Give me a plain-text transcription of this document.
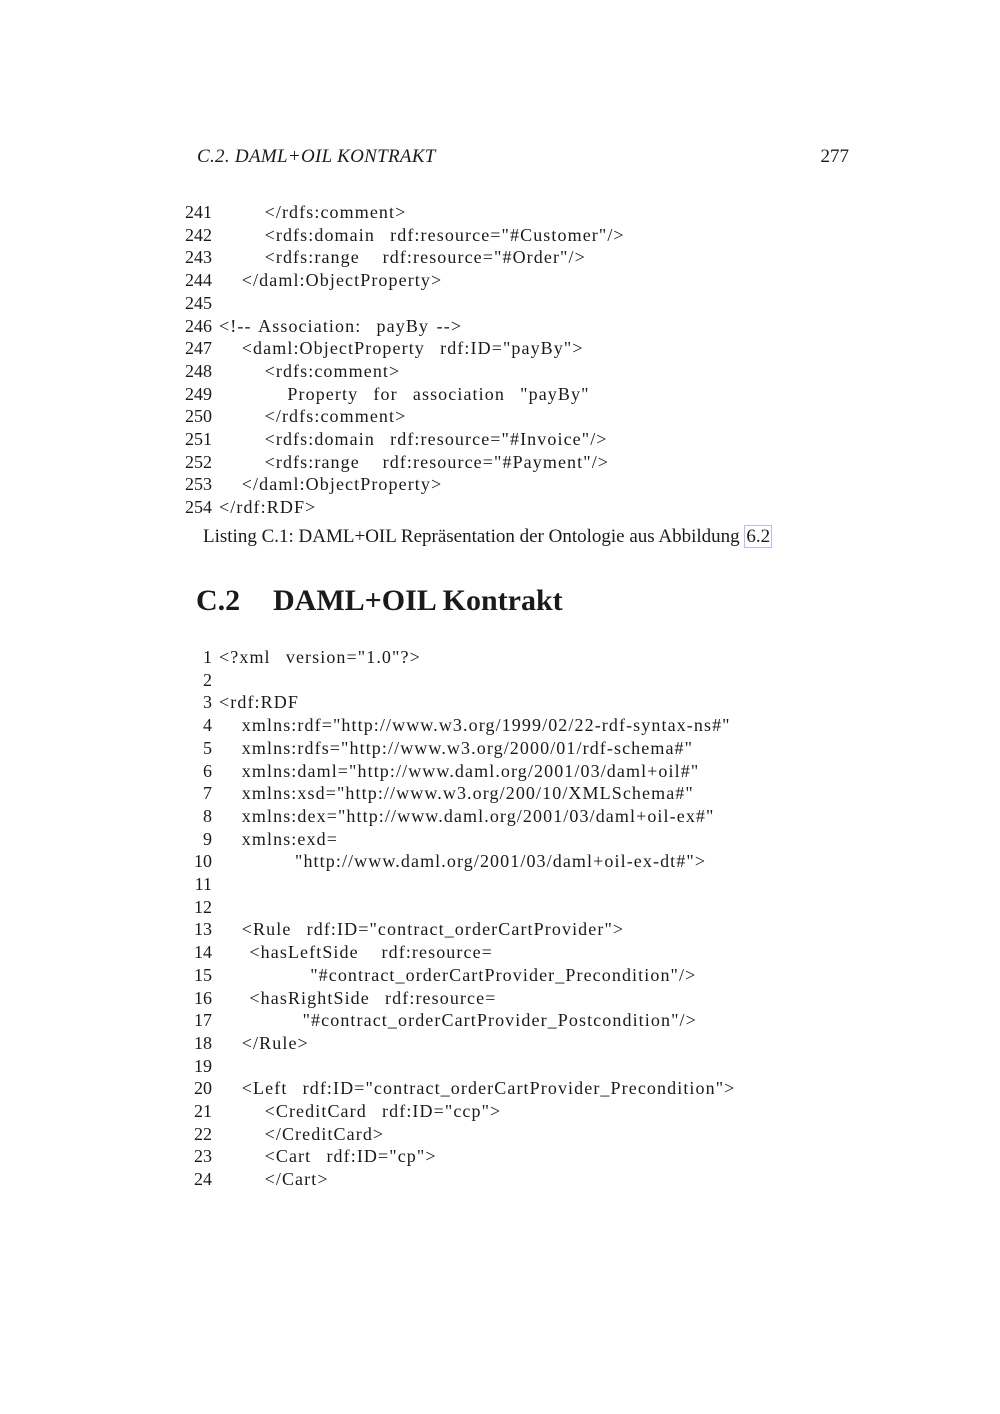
C.2. DAML+OIL KONTRAKT	277
241 </rdfs:comment>
242 <rdfs:domain  rdf:resource="#Customer"/>
243 <rdfs:range   rdf:resource="#Order"/>
244 </daml:ObjectProperty>
245
246 <!-- Association:  payBy -->
247 <daml:ObjectProperty  rdf:ID="payBy">
248 <rdfs:comment>
249 Property  for  association  "payBy"
250 </rdfs:comment>
251 <rdfs:domain  rdf:resource="#Invoice"/>
252 <rdfs:range   rdf:resource="#Payment"/>
253 </daml:ObjectProperty>
254 </rdf:RDF>
Listing C.1: DAML+OIL Repräsentation der Ontologie aus Abbildung 6.2
C.2 DAML+OIL Kontrakt
1 <?xml  version="1.0"?>
2
3 <rdf:RDF
4 xmlns:rdf="http://www.w3.org/1999/02/22-rdf-syntax-ns#"
5 xmlns:rdfs="http://www.w3.org/2000/01/rdf-schema#"
6 xmlns:daml="http://www.daml.org/2001/03/daml+oil#"
7 xmlns:xsd="http://www.w3.org/200/10/XMLSchema#"
8 xmlns:dex="http://www.daml.org/2001/03/daml+oil-ex#"
9 xmlns:exd=
10 "http://www.daml.org/2001/03/daml+oil-ex-dt#">
11
12
13 <Rule  rdf:ID="contract_orderCartProvider">
14 <hasLeftSide   rdf:resource=
15 "#contract_orderCartProvider_Precondition"/>
16 <hasRightSide  rdf:resource=
17 "#contract_orderCartProvider_Postcondition"/>
18 </Rule>
19
20 <Left  rdf:ID="contract_orderCartProvider_Precondition">
21 <CreditCard  rdf:ID="ccp">
22 </CreditCard>
23 <Cart  rdf:ID="cp">
24 </Cart>
